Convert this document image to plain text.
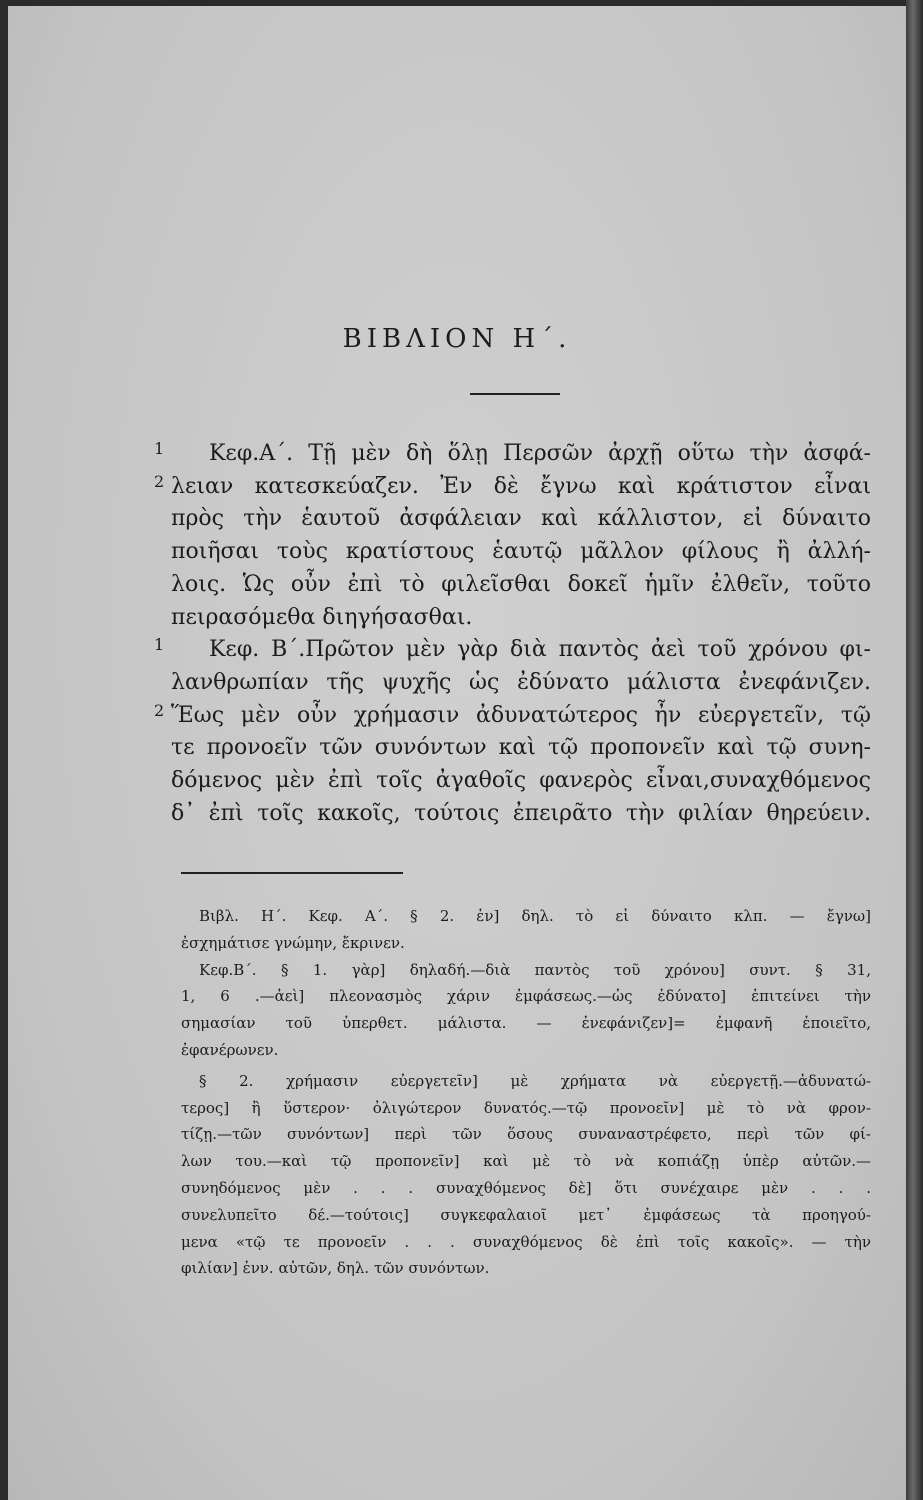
ΒΙΒΛΙΟΝ Η΄.
1 Κεφ.Α΄. Τῇ μὲν δὴ ὅλῃ Περσῶν ἀρχῇ οὕτω τὴν ἀσφά-
2 λειαν κατεσκεύαζεν. Ἐν δὲ ἔγνω καὶ κράτιστον εἶναι
πρὸς τὴν ἑαυτοῦ ἀσφάλειαν καὶ κάλλιστον, εἰ δύναιτο
ποιῆσαι τοὺς κρατίστους ἑαυτῷ μᾶλλον φίλους ἢ ἀλλή-
λοις. Ὡς οὖν ἐπὶ τὸ φιλεῖσθαι δοκεῖ ἡμῖν ἐλθεῖν, τοῦτο
πειρασόμεθα διηγήσασθαι.
1 Κεφ. Β΄.Πρῶτον μὲν γὰρ διὰ παντὸς ἀεὶ τοῦ χρόνου φι-
λανθρωπίαν τῆς ψυχῆς ὡς ἐδύνατο μάλιστα ἐνεφάνιζεν.
2 Ἕως μὲν οὖν χρήμασιν ἀδυνατώτερος ἦν εὐεργετεῖν, τῷ
τε προνοεῖν τῶν συνόντων καὶ τῷ προπονεῖν καὶ τῷ συνη-
δόμενος μὲν ἐπὶ τοῖς ἀγαθοῖς φανερὸς εἶναι,συναχθόμενος
δ᾽ ἐπὶ τοῖς κακοῖς, τούτοις ἐπειρᾶτο τὴν φιλίαν θηρεύειν.
Βιβλ. Η΄. Κεφ. Α΄. § 2. ἐν] δηλ. τὸ εἰ δύναιτο κλπ. — ἔγνω]
ἐσχημάτισε γνώμην, ἔκρινεν.
Κεφ.Β΄. § 1. γὰρ] δηλαδή.—διὰ παντὸς τοῦ χρόνου] συντ. § 31,
1, 6 .—ἀεὶ] πλεονασμὸς χάριν ἐμφάσεως.—ὡς ἐδύνατο] ἐπιτείνει τὴν
σημασίαν τοῦ ὑπερθετ. μάλιστα. — ἐνεφάνιζεν]= ἐμφανῆ ἐποιεῖτο,
ἐφανέρωνεν.
§ 2. χρήμασιν εὐεργετεῖν] μὲ χρήματα νὰ εὐεργετῇ.—ἀδυνατώ-
τερος] ἢ ὕστερον· ὀλιγώτερον δυνατός.—τῷ προνοεῖν] μὲ τὸ νὰ φρον-
τίζῃ.—τῶν συνόντων] περὶ τῶν ὅσους συναναστρέφετο, περὶ τῶν φί-
λων του.—καὶ τῷ προπονεῖν] καὶ μὲ τὸ νὰ κοπιάζῃ ὑπὲρ αὐτῶν.—
συνηδόμενος μὲν . . . συναχθόμενος δὲ] ὅτι συνέχαιρε μὲν . . .
συνελυπεῖτο δέ.—τούτοις] συγκεφαλαιοῖ μετ᾽ ἐμφάσεως τὰ προηγού-
μενα «τῷ τε προνοεῖν . . . συναχθόμενος δὲ ἐπὶ τοῖς κακοῖς». — τὴν
φιλίαν] ἐνν. αὐτῶν, δηλ. τῶν συνόντων.
